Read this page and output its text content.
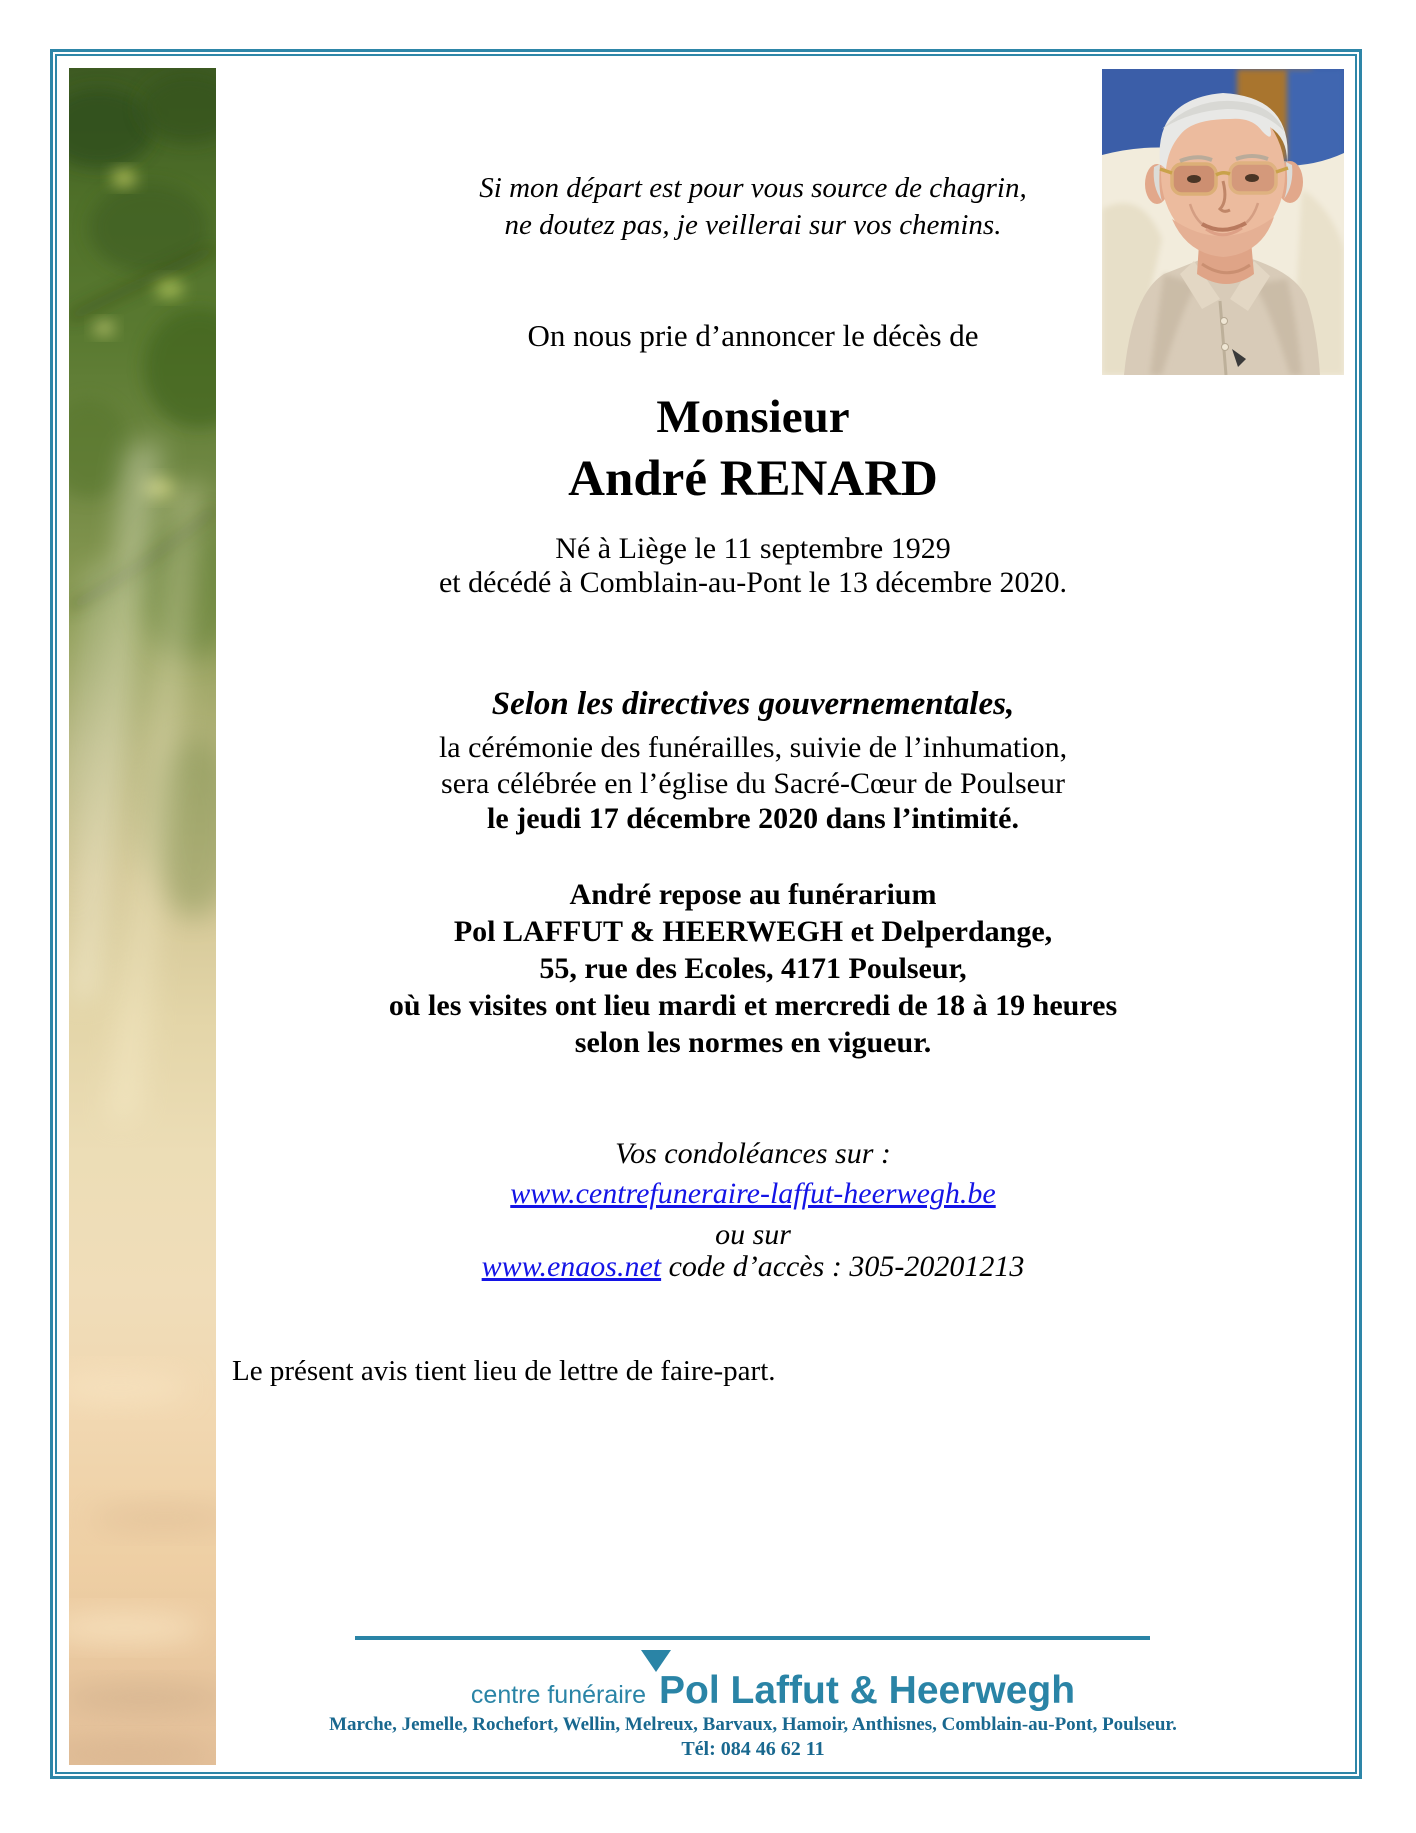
Si mon départ est pour vous source de chagrin,
ne doutez pas, je veillerai sur vos chemins.
On nous prie d’annoncer le décès de
Monsieur
André RENARD
Né à Liège le 11 septembre 1929
et décédé à Comblain-au-Pont le 13 décembre 2020.
Selon les directives gouvernementales,
la cérémonie des funérailles, suivie de l’inhumation,
sera célébrée en l’église du Sacré-Cœur de Poulseur
le jeudi 17 décembre 2020 dans l’intimité.
André repose au funérarium
Pol LAFFUT & HEERWEGH et Delperdange,
55, rue des Ecoles, 4171 Poulseur,
où les visites ont lieu mardi et mercredi de 18 à 19 heures
selon les normes en vigueur.
Vos condoléances sur :
www.centrefuneraire-laffut-heerwegh.be
ou sur
www.enaos.net code d’accès : 305-20201213
Le présent avis tient lieu de lettre de faire-part.
centre funéraire Pol Laffut & Heerwegh
Marche, Jemelle, Rochefort, Wellin, Melreux, Barvaux, Hamoir, Anthisnes, Comblain-au-Pont, Poulseur.
Tél: 084 46 62 11
